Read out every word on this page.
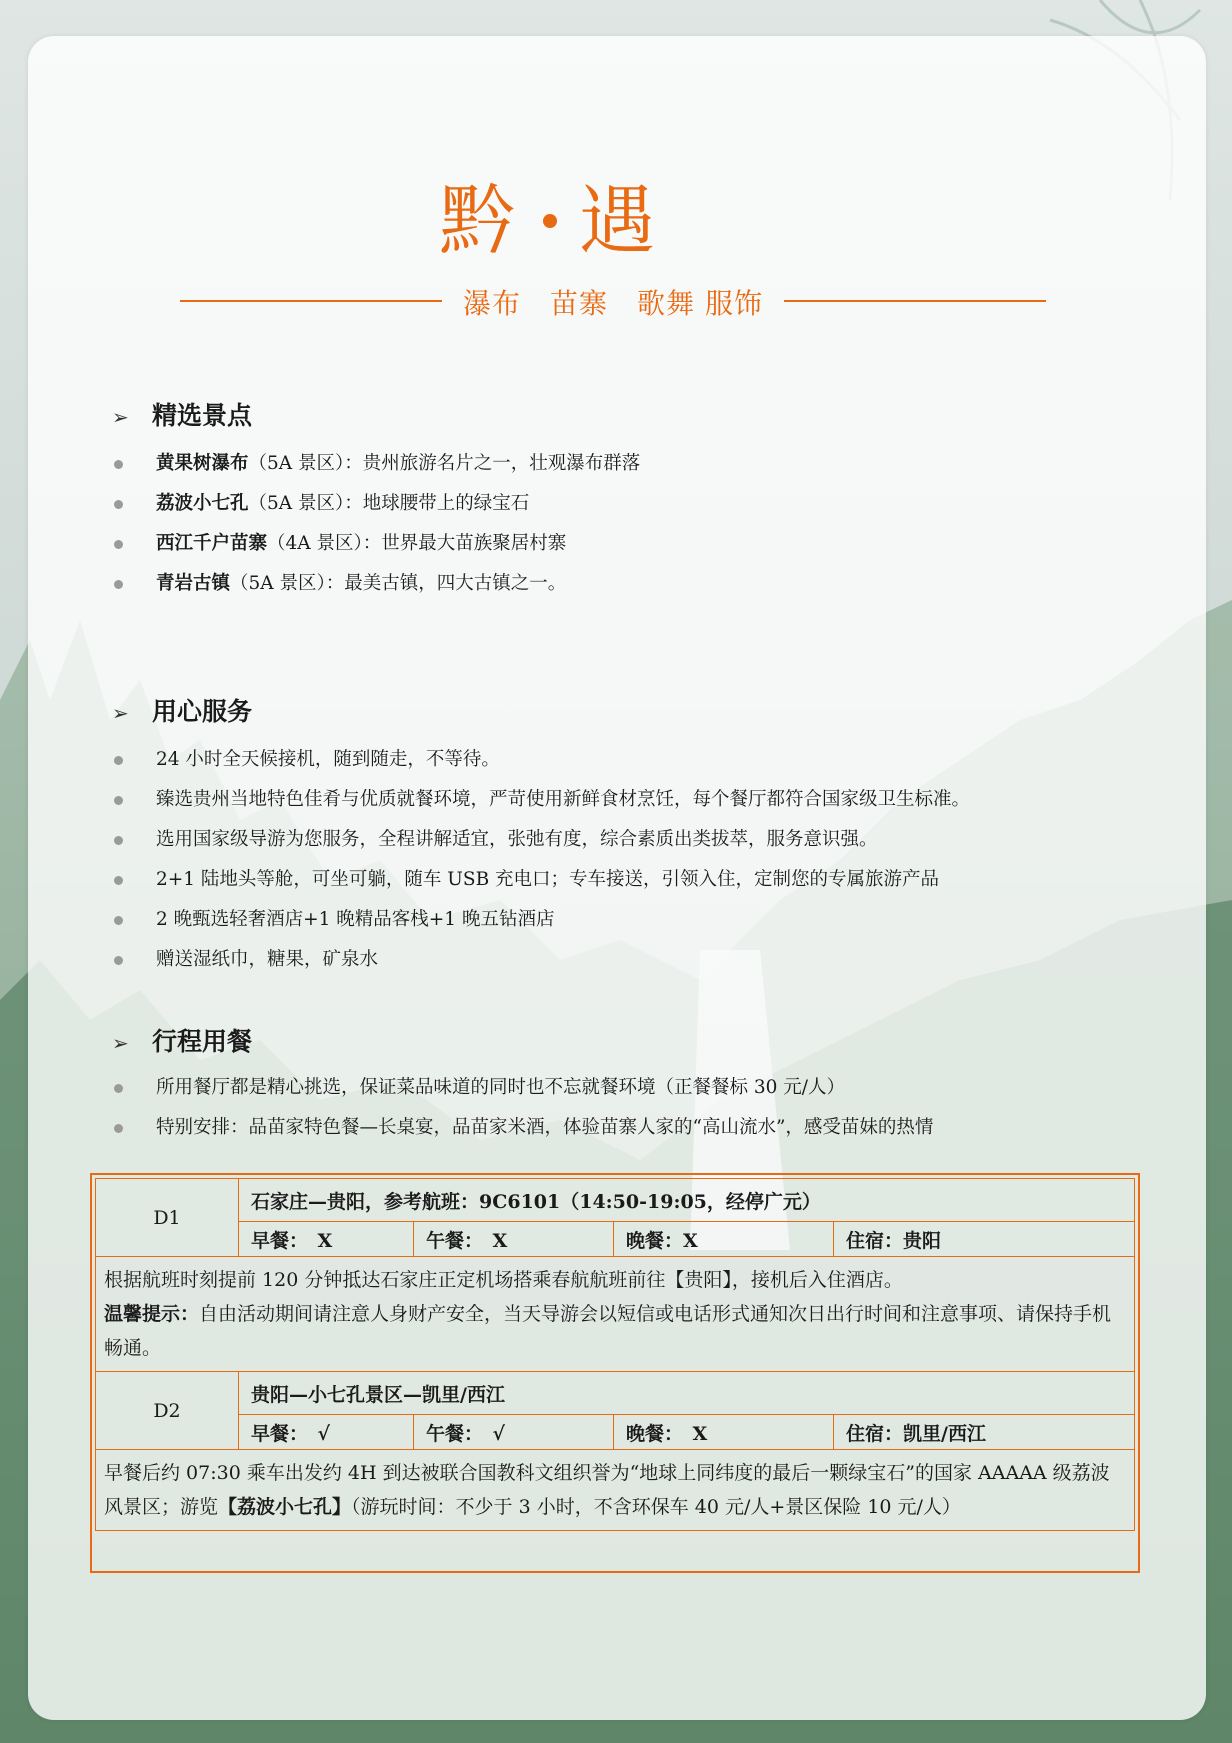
黔 遇
瀑布　苗寨　歌舞 服饰
➢ 精选景点
黄果树瀑布（5A 景区）：贵州旅游名片之一，壮观瀑布群落
荔波小七孔（5A 景区）：地球腰带上的绿宝石
西江千户苗寨（4A 景区）：世界最大苗族聚居村寨
青岩古镇（5A 景区）：最美古镇，四大古镇之一。
➢ 用心服务
24 小时全天候接机，随到随走，不等待。
臻选贵州当地特色佳肴与优质就餐环境，严苛使用新鲜食材烹饪，每个餐厅都符合国家级卫生标准。
选用国家级导游为您服务，全程讲解适宜，张弛有度，综合素质出类拔萃，服务意识强。
2+1 陆地头等舱，可坐可躺，随车 USB 充电口；专车接送，引领入住，定制您的专属旅游产品
2 晚甄选轻奢酒店+1 晚精品客栈+1 晚五钻酒店
赠送湿纸巾，糖果，矿泉水
➢ 行程用餐
所用餐厅都是精心挑选，保证菜品味道的同时也不忘就餐环境（正餐餐标 30 元/人）
特别安排：品苗家特色餐—长桌宴，品苗家米酒，体验苗寨人家的“高山流水”，感受苗妹的热情
D1	石家庄—贵阳，参考航班：9C6101（14:50-19:05，经停广元）			
	早餐：　X	午餐：　X	晚餐：X	住宿：贵阳

根据航班时刻提前 120 分钟抵达石家庄正定机场搭乘春航航班前往【贵阳】，接机后入住酒店。
温馨提示：自由活动期间请注意人身财产安全，当天导游会以短信或电话形式通知次日出行时间和注意事项、请保持手机畅通。				

D2	贵阳—小七孔景区—凯里/西江			
	早餐：　√	午餐：　√	晚餐：　X	住宿：凯里/西江
早餐后约 07:30 乘车出发约 4H 到达被联合国教科文组织誉为“地球上同纬度的最后一颗绿宝石”的国家 AAAAA 级荔波风景区；游览【荔波小七孔】（游玩时间：不少于 3 小时，不含环保车 40 元/人+景区保险 10 元/人）				
